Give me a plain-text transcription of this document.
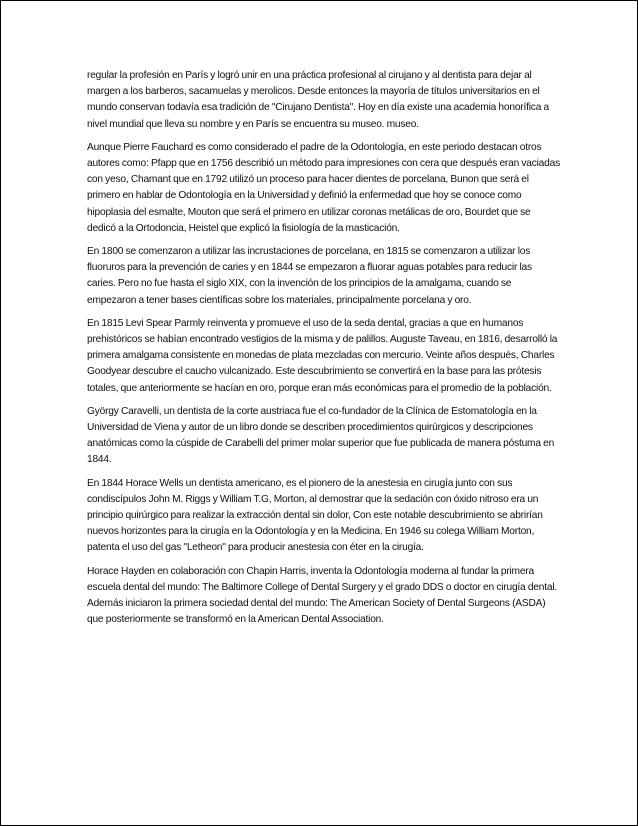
regular la profesión en París y logró unir en una práctica profesional al cirujano y al dentista para dejar al margen a los barberos, sacamuelas y merolicos. Desde entonces la mayoría de títulos universitarios en el mundo conservan todavía esa tradición de "Cirujano Dentista". Hoy en día existe una academia honorífica a nivel mundial que lleva su nombre y en París se encuentra su museo. museo.

Aunque Pierre Fauchard es como considerado el padre de la Odontología, en este periodo destacan otros autores como: Pfapp que en 1756 describió un método para impresiones con cera que después eran vaciadas con yeso, Chamant que en 1792 utilizó un proceso para hacer dientes de porcelana, Bunon que será el primero en hablar de Odontología en la Universidad y definió la enfermedad que hoy se conoce como hipoplasia del esmalte, Mouton que será el primero en utilizar coronas metálicas de oro, Bourdet que se dedicó a la Ortodoncia, Heistel que explicó la fisiología de la masticación.

En 1800 se comenzaron a utilizar las incrustaciones de porcelana, en 1815 se comenzaron a utilizar los fluoruros para la prevención de caries y en 1844 se empezaron a fluorar aguas potables para reducir las caries. Pero no fue hasta el siglo XIX, con la invención de los principios de la amalgama, cuando se empezaron a tener bases científicas sobre los materiales, principalmente porcelana y oro.

En 1815 Levi Spear Parmly reinventa y promueve el uso de la seda dental, gracias a que en humanos prehistóricos se habían encontrado vestigios de la misma y de palillos. Auguste Taveau, en 1816, desarrolló la primera amalgama consistente en monedas de plata mezcladas con mercurio. Veinte años después, Charles Goodyear descubre el caucho vulcanizado. Este descubrimiento se convertirá en la base para las prótesis totales, que anteriormente se hacían en oro, porque eran más económicas para el promedio de la población.

György Caravelli, un dentista de la corte austriaca fue el co-fundador de la Clínica de Estomatología en la Universidad de Viena y autor de un libro donde se describen procedimientos quirúrgicos y descripciones anatómicas como la cúspide de Carabelli del primer molar superior que fue publicada de manera póstuma en 1844.

En 1844 Horace Wells un dentista americano, es el pionero de la anestesia en cirugía junto con sus condiscípulos John M. Riggs y William T.G, Morton, al demostrar que la sedación con óxido nitroso era un principio quirúrgico para realizar la extracción dental sin dolor, Con este notable descubrimiento se abrirían nuevos horizontes para la cirugía en la Odontología y en la Medicina. En 1946 su colega William Morton, patenta el uso del gas "Letheon" para producir anestesia con éter en la cirugía.

Horace Hayden en colaboración con Chapin Harris, inventa la Odontología moderna al fundar la primera escuela dental del mundo: The Baltimore College of Dental Surgery y el grado DDS o doctor en cirugía dental. Además iniciaron la primera sociedad dental del mundo: The American Society of Dental Surgeons (ASDA) que posteriormente se transformó en la American Dental Association.
